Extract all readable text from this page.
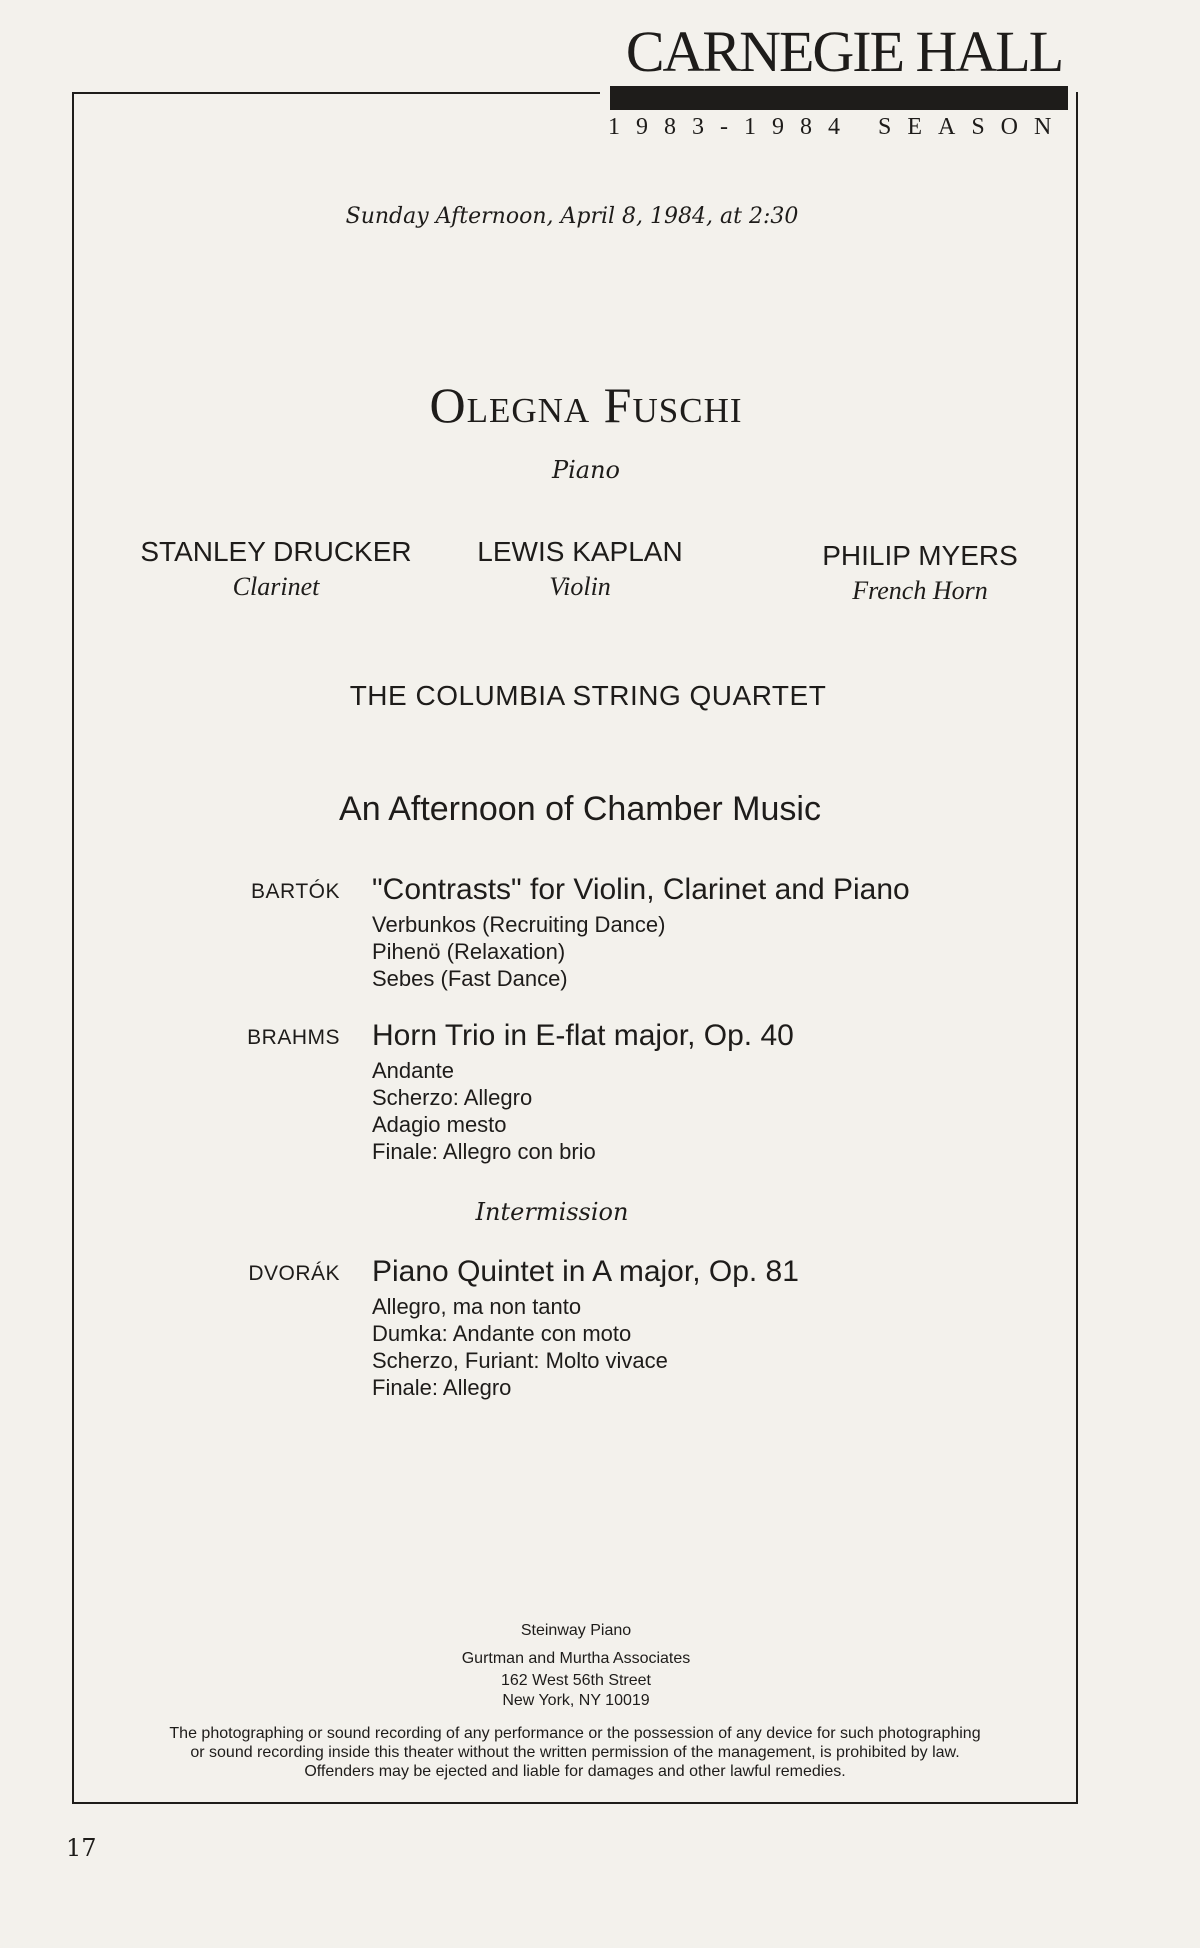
CARNEGIE HALL
1983-1984 SEASON
Sunday Afternoon, April 8, 1984, at 2:30
Olegna Fuschi
Piano
STANLEY DRUCKER
Clarinet
LEWIS KAPLAN
Violin
PHILIP MYERS
French Horn
THE COLUMBIA STRING QUARTET
An Afternoon of Chamber Music
BARTÓK "Contrasts" for Violin, Clarinet and Piano
Verbunkos (Recruiting Dance)
Pihenö (Relaxation)
Sebes (Fast Dance)
BRAHMS Horn Trio in E-flat major, Op. 40
Andante
Scherzo: Allegro
Adagio mesto
Finale: Allegro con brio
Intermission
DVORÁK Piano Quintet in A major, Op. 81
Allegro, ma non tanto
Dumka: Andante con moto
Scherzo, Furiant: Molto vivace
Finale: Allegro
Steinway Piano
Gurtman and Murtha Associates
162 West 56th Street
New York, NY 10019
The photographing or sound recording of any performance or the possession of any device for such photographing
or sound recording inside this theater without the written permission of the management, is prohibited by law.
Offenders may be ejected and liable for damages and other lawful remedies.
17
